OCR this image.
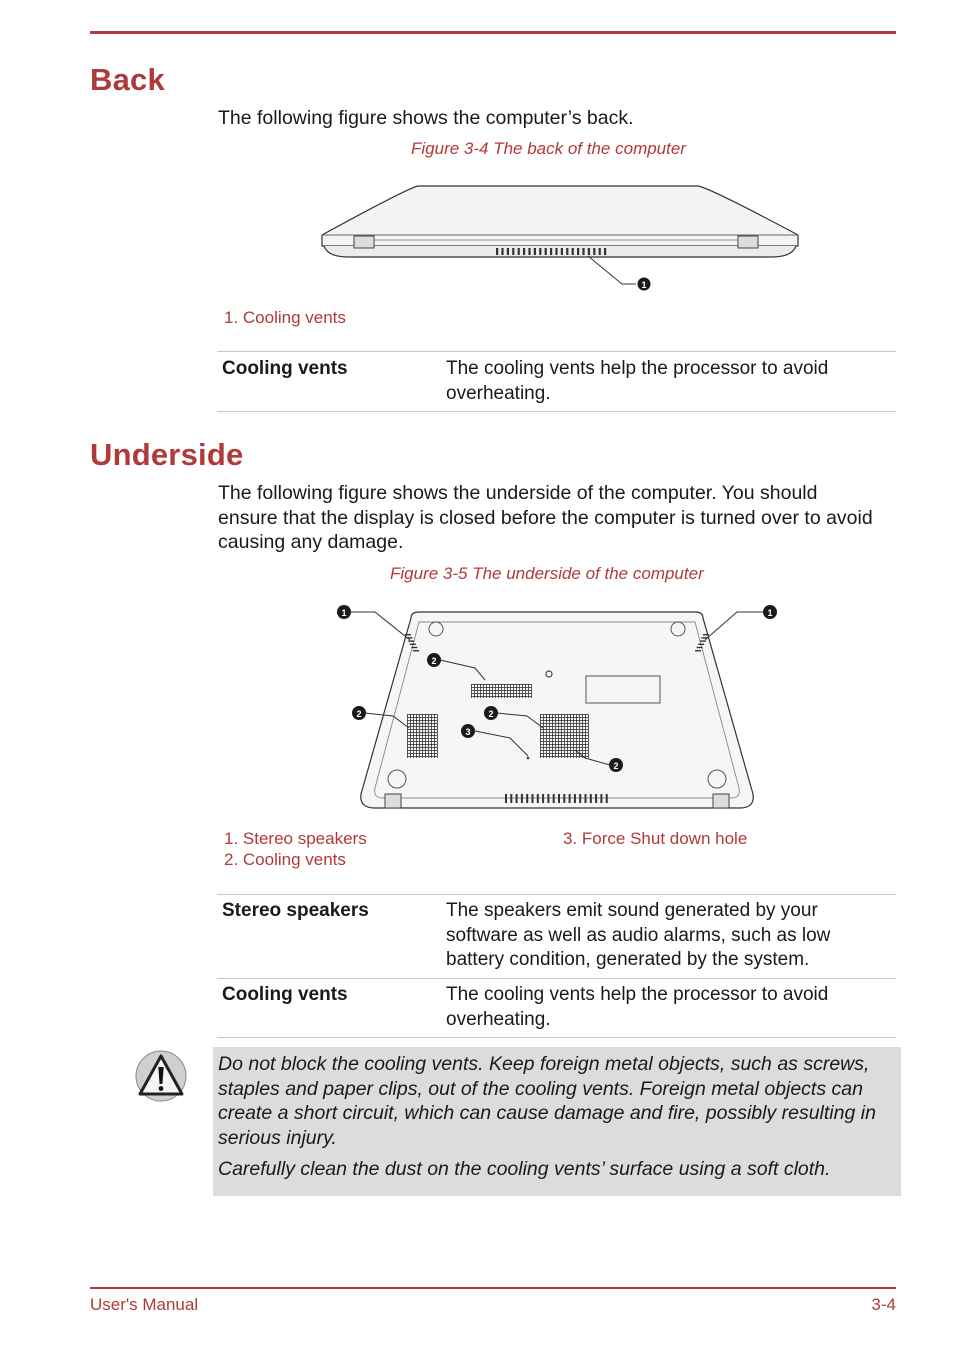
Back
The following figure shows the computer’s back.
Figure 3-4 The back of the computer
1
1. Cooling vents
Cooling vents	The cooling vents help the processor to avoid overheating.
Underside
The following figure shows the underside of the computer. You should ensure that the display is closed before the computer is turned over to avoid causing any damage.
Figure 3-5 The underside of the computer
1	1
2
2	2
2
3
1. Stereo speakers
2. Cooling vents
3. Force Shut down hole
Stereo speakers	The speakers emit sound generated by your software as well as audio alarms, such as low battery condition, generated by the system.
Cooling vents	The cooling vents help the processor to avoid overheating.
Do not block the cooling vents. Keep foreign metal objects, such as screws, staples and paper clips, out of the cooling vents. Foreign metal objects can create a short circuit, which can cause damage and fire, possibly resulting in serious injury.
Carefully clean the dust on the cooling vents’ surface using a soft cloth.
User's Manual	3-4
